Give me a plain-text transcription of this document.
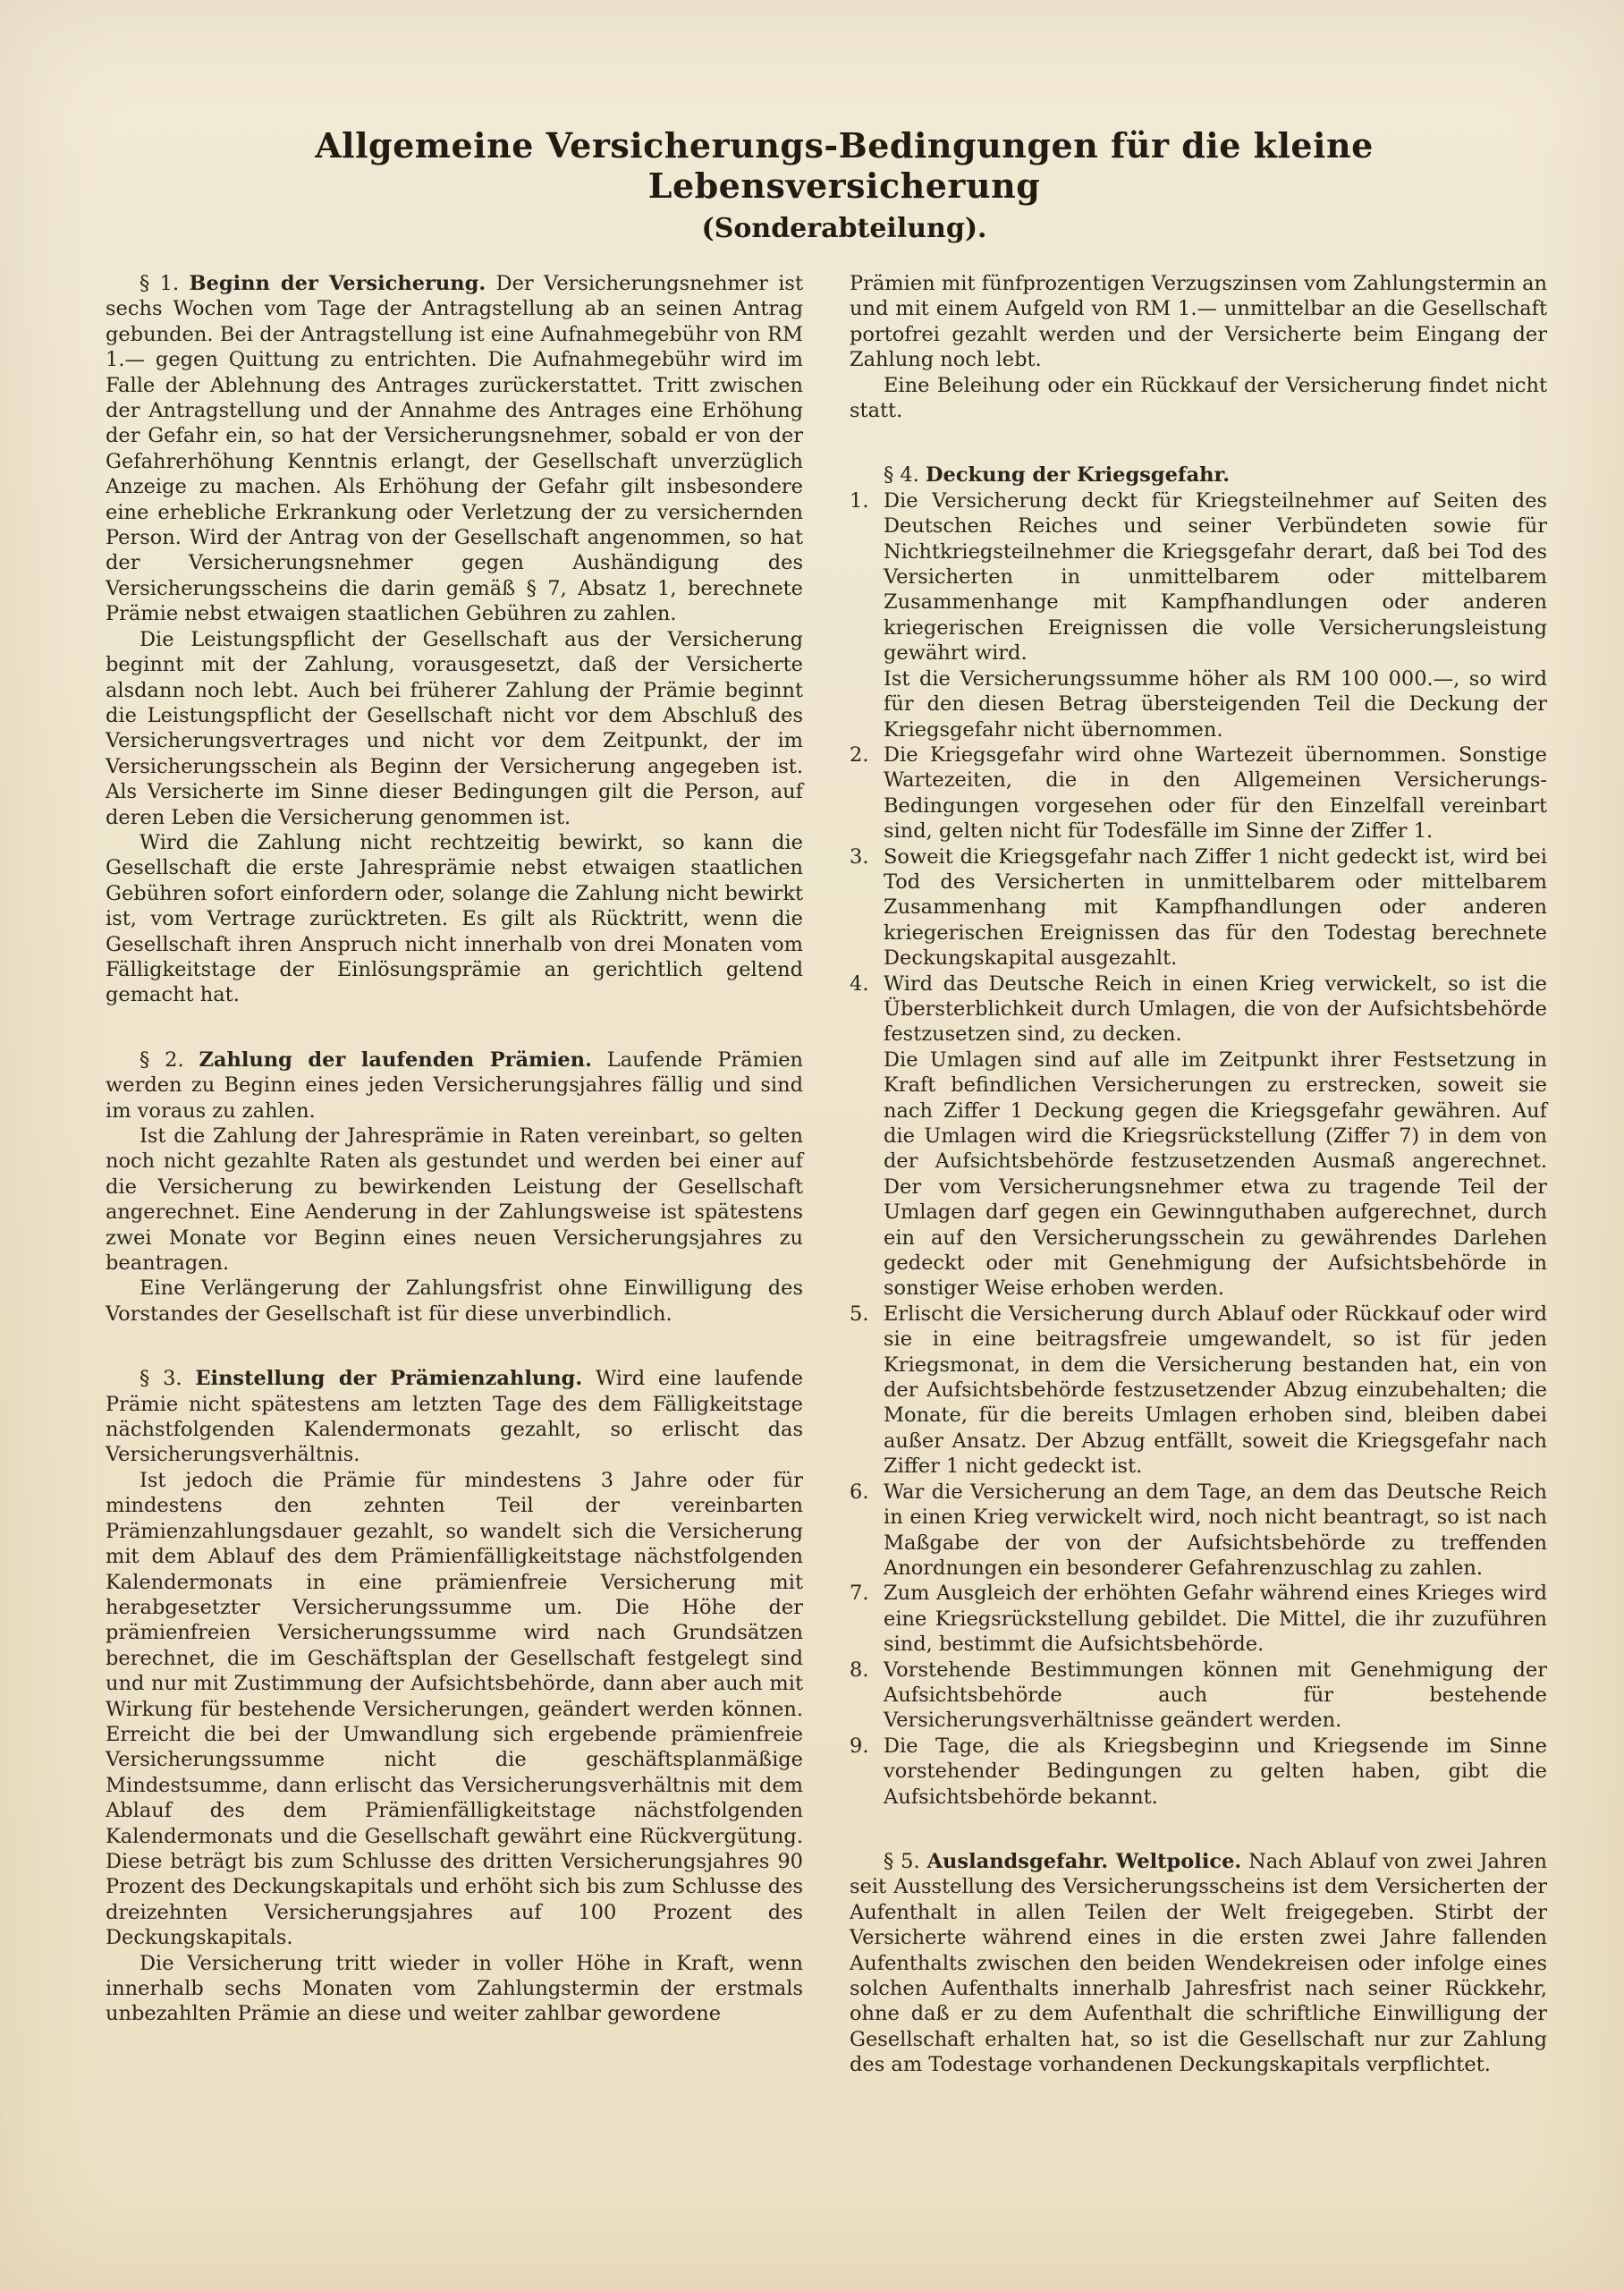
Allgemeine Versicherungs-Bedingungen für die kleine Lebensversicherung
(Sonderabteilung).

§ 1. Beginn der Versicherung. Der Versicherungsnehmer ist sechs Wochen vom Tage der Antragstellung ab an seinen Antrag gebunden. Bei der Antragstellung ist eine Aufnahmegebühr von RM 1.— gegen Quittung zu entrichten. Die Aufnahmegebühr wird im Falle der Ablehnung des Antrages zurückerstattet. Tritt zwischen der Antragstellung und der Annahme des Antrages eine Erhöhung der Gefahr ein, so hat der Versicherungsnehmer, sobald er von der Gefahrerhöhung Kenntnis erlangt, der Gesellschaft unverzüglich Anzeige zu machen. Als Erhöhung der Gefahr gilt insbesondere eine erhebliche Erkrankung oder Verletzung der zu versichernden Person. Wird der Antrag von der Gesellschaft angenommen, so hat der Versicherungsnehmer gegen Aushändigung des Versicherungsscheins die darin gemäß § 7, Absatz 1, berechnete Prämie nebst etwaigen staatlichen Gebühren zu zahlen.

Die Leistungspflicht der Gesellschaft aus der Versicherung beginnt mit der Zahlung, vorausgesetzt, daß der Versicherte alsdann noch lebt. Auch bei früherer Zahlung der Prämie beginnt die Leistungspflicht der Gesellschaft nicht vor dem Abschluß des Versicherungsvertrages und nicht vor dem Zeitpunkt, der im Versicherungsschein als Beginn der Versicherung angegeben ist. Als Versicherte im Sinne dieser Bedingungen gilt die Person, auf deren Leben die Versicherung genommen ist.

Wird die Zahlung nicht rechtzeitig bewirkt, so kann die Gesellschaft die erste Jahresprämie nebst etwaigen staatlichen Gebühren sofort einfordern oder, solange die Zahlung nicht bewirkt ist, vom Vertrage zurücktreten. Es gilt als Rücktritt, wenn die Gesellschaft ihren Anspruch nicht innerhalb von drei Monaten vom Fälligkeitstage der Einlösungsprämie an gerichtlich geltend gemacht hat.

§ 2. Zahlung der laufenden Prämien. Laufende Prämien werden zu Beginn eines jeden Versicherungsjahres fällig und sind im voraus zu zahlen.

Ist die Zahlung der Jahresprämie in Raten vereinbart, so gelten noch nicht gezahlte Raten als gestundet und werden bei einer auf die Versicherung zu bewirkenden Leistung der Gesellschaft angerechnet. Eine Aenderung in der Zahlungsweise ist spätestens zwei Monate vor Beginn eines neuen Versicherungsjahres zu beantragen.

Eine Verlängerung der Zahlungsfrist ohne Einwilligung des Vorstandes der Gesellschaft ist für diese unverbindlich.

§ 3. Einstellung der Prämienzahlung. Wird eine laufende Prämie nicht spätestens am letzten Tage des dem Fälligkeitstage nächstfolgenden Kalendermonats gezahlt, so erlischt das Versicherungsverhältnis.

Ist jedoch die Prämie für mindestens 3 Jahre oder für mindestens den zehnten Teil der vereinbarten Prämienzahlungsdauer gezahlt, so wandelt sich die Versicherung mit dem Ablauf des dem Prämienfälligkeitstage nächstfolgenden Kalendermonats in eine prämienfreie Versicherung mit herabgesetzter Versicherungssumme um. Die Höhe der prämienfreien Versicherungssumme wird nach Grundsätzen berechnet, die im Geschäftsplan der Gesellschaft festgelegt sind und nur mit Zustimmung der Aufsichtsbehörde, dann aber auch mit Wirkung für bestehende Versicherungen, geändert werden können. Erreicht die bei der Umwandlung sich ergebende prämienfreie Versicherungssumme nicht die geschäftsplanmäßige Mindestsumme, dann erlischt das Versicherungsverhältnis mit dem Ablauf des dem Prämienfälligkeitstage nächstfolgenden Kalendermonats und die Gesellschaft gewährt eine Rückvergütung. Diese beträgt bis zum Schlusse des dritten Versicherungsjahres 90 Prozent des Deckungskapitals und erhöht sich bis zum Schlusse des dreizehnten Versicherungsjahres auf 100 Prozent des Deckungskapitals.

Die Versicherung tritt wieder in voller Höhe in Kraft, wenn innerhalb sechs Monaten vom Zahlungstermin der erstmals unbezahlten Prämie an diese und weiter zahlbar gewordene

Prämien mit fünfprozentigen Verzugszinsen vom Zahlungstermin an und mit einem Aufgeld von RM 1.— unmittelbar an die Gesellschaft portofrei gezahlt werden und der Versicherte beim Eingang der Zahlung noch lebt.

Eine Beleihung oder ein Rückkauf der Versicherung findet nicht statt.

§ 4. Deckung der Kriegsgefahr.

1. Die Versicherung deckt für Kriegsteilnehmer auf Seiten des Deutschen Reiches und seiner Verbündeten sowie für Nichtkriegsteilnehmer die Kriegsgefahr derart, daß bei Tod des Versicherten in unmittelbarem oder mittelbarem Zusammenhange mit Kampfhandlungen oder anderen kriegerischen Ereignissen die volle Versicherungsleistung gewährt wird.
Ist die Versicherungssumme höher als RM 100 000.—, so wird für den diesen Betrag übersteigenden Teil die Deckung der Kriegsgefahr nicht übernommen.
2. Die Kriegsgefahr wird ohne Wartezeit übernommen. Sonstige Wartezeiten, die in den Allgemeinen Versicherungs-Bedingungen vorgesehen oder für den Einzelfall vereinbart sind, gelten nicht für Todesfälle im Sinne der Ziffer 1.
3. Soweit die Kriegsgefahr nach Ziffer 1 nicht gedeckt ist, wird bei Tod des Versicherten in unmittelbarem oder mittelbarem Zusammenhang mit Kampfhandlungen oder anderen kriegerischen Ereignissen das für den Todestag berechnete Deckungskapital ausgezahlt.
4. Wird das Deutsche Reich in einen Krieg verwickelt, so ist die Übersterblichkeit durch Umlagen, die von der Aufsichtsbehörde festzusetzen sind, zu decken.
Die Umlagen sind auf alle im Zeitpunkt ihrer Festsetzung in Kraft befindlichen Versicherungen zu erstrecken, soweit sie nach Ziffer 1 Deckung gegen die Kriegsgefahr gewähren. Auf die Umlagen wird die Kriegsrückstellung (Ziffer 7) in dem von der Aufsichtsbehörde festzusetzenden Ausmaß angerechnet. Der vom Versicherungsnehmer etwa zu tragende Teil der Umlagen darf gegen ein Gewinnguthaben aufgerechnet, durch ein auf den Versicherungsschein zu gewährendes Darlehen gedeckt oder mit Genehmigung der Aufsichtsbehörde in sonstiger Weise erhoben werden.
5. Erlischt die Versicherung durch Ablauf oder Rückkauf oder wird sie in eine beitragsfreie umgewandelt, so ist für jeden Kriegsmonat, in dem die Versicherung bestanden hat, ein von der Aufsichtsbehörde festzusetzender Abzug einzubehalten; die Monate, für die bereits Umlagen erhoben sind, bleiben dabei außer Ansatz. Der Abzug entfällt, soweit die Kriegsgefahr nach Ziffer 1 nicht gedeckt ist.
6. War die Versicherung an dem Tage, an dem das Deutsche Reich in einen Krieg verwickelt wird, noch nicht beantragt, so ist nach Maßgabe der von der Aufsichtsbehörde zu treffenden Anordnungen ein besonderer Gefahrenzuschlag zu zahlen.
7. Zum Ausgleich der erhöhten Gefahr während eines Krieges wird eine Kriegsrückstellung gebildet. Die Mittel, die ihr zuzuführen sind, bestimmt die Aufsichtsbehörde.
8. Vorstehende Bestimmungen können mit Genehmigung der Aufsichtsbehörde auch für bestehende Versicherungsverhältnisse geändert werden.
9. Die Tage, die als Kriegsbeginn und Kriegsende im Sinne vorstehender Bedingungen zu gelten haben, gibt die Aufsichtsbehörde bekannt.

§ 5. Auslandsgefahr. Weltpolice. Nach Ablauf von zwei Jahren seit Ausstellung des Versicherungsscheins ist dem Versicherten der Aufenthalt in allen Teilen der Welt freigegeben. Stirbt der Versicherte während eines in die ersten zwei Jahre fallenden Aufenthalts zwischen den beiden Wendekreisen oder infolge eines solchen Aufenthalts innerhalb Jahresfrist nach seiner Rückkehr, ohne daß er zu dem Aufenthalt die schriftliche Einwilligung der Gesellschaft erhalten hat, so ist die Gesellschaft nur zur Zahlung des am Todestage vorhandenen Deckungskapitals verpflichtet.
